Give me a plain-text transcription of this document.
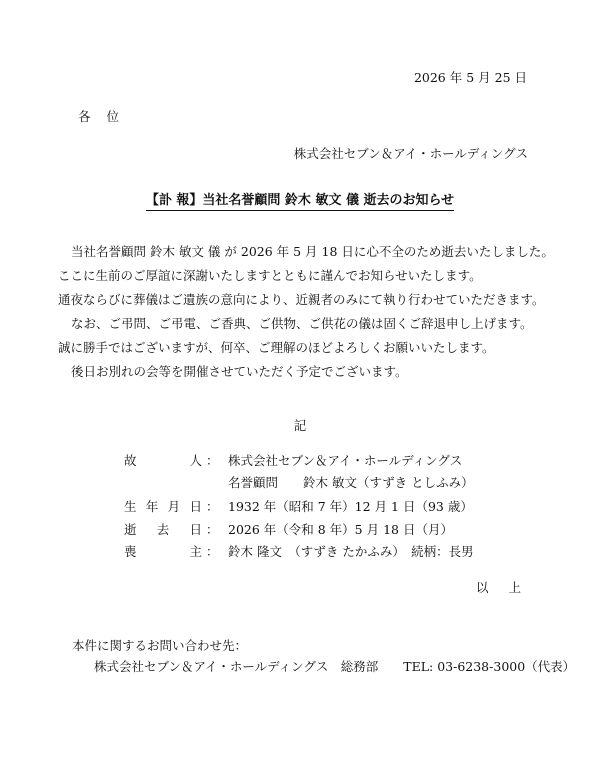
2026 年 5 月 25 日
各 位
株式会社セブン＆アイ・ホールディングス
【訃 報】当社名誉顧問 鈴木 敏文 儀 逝去のお知らせ
当社名誉顧問 鈴木 敏文 儀 が 2026 年 5 月 18 日に心不全のため逝去いたしました。
ここに生前のご厚誼に深謝いたしますとともに謹んでお知らせいたします。
通夜ならびに葬儀はご遺族の意向により、近親者のみにて執り行わせていただきます。
なお、ご弔問、ご弔電、ご香典、ご供物、ご供花の儀は固くご辞退申し上げます。
誠に勝手ではございますが、何卒、ご理解のほどよろしくお願いいたします。
後日お別れの会等を開催させていただく予定でございます。
記
故	人 ： 株式会社セブン＆アイ・ホールディングス
名誉顧問　　鈴木 敏文（すずき としふみ）
生 年 月 日 ： 1932 年（昭和 7 年）12 月 1 日（93 歳）
逝 去 日 ： 2026 年（令和 8 年）5 月 18 日（月）
喪	主 ： 鈴木 隆文　（すずき たかふみ）　続柄：長男
以 上
本件に関するお問い合わせ先：
株式会社セブン＆アイ・ホールディングス　総務部　　TEL: 03-6238-3000（代表）
